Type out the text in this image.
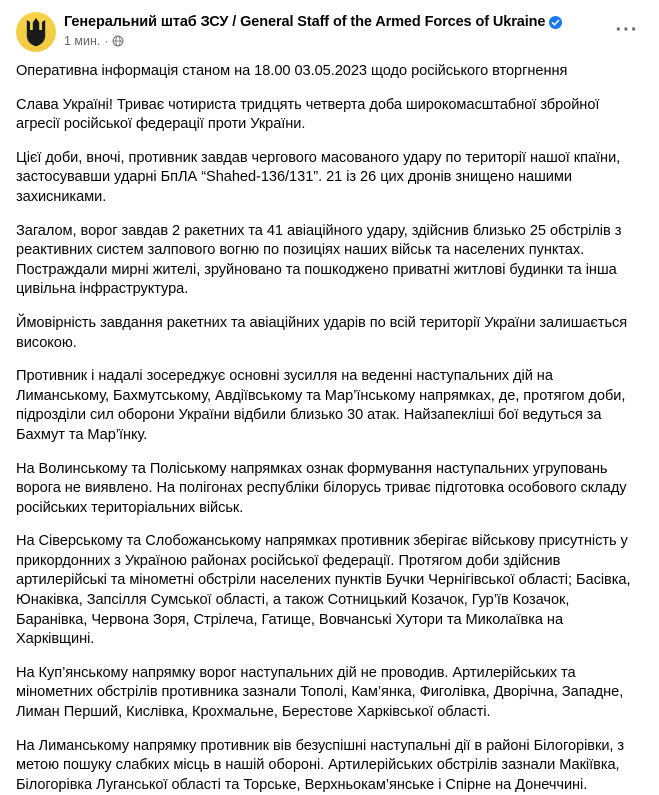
Генеральний штаб ЗСУ / General Staff of the Armed Forces of Ukraine
1 мин. ·	···

Оперативна інформація станом на 18.00 03.05.2023 щодо російського вторгнення

Слава Україні! Триває чотириста тридцять четверта доба широкомасштабної збройної агресії російської федерації проти України.

Цієї доби, вночі, противник завдав чергового масованого удару по території нашої кпаїни, застосувавши ударні БпЛА “Shahed-136/131”. 21 із 26 цих дронів знищено нашими захисниками.

Загалом, ворог завдав 2 ракетних та 41 авіаційного удару, здійснив близько 25 обстрілів з реактивних систем залпового вогню по позиціях наших військ та населених пунктах. Постраждали мирні жителі, зруйновано та пошкоджено приватні житлові будинки та інша цивільна інфраструктура.

Ймовірність завдання ракетних та авіаційних ударів по всій території України залишається високою.

Противник і надалі зосереджує основні зусилля на веденні наступальних дій на Лиманському, Бахмутському, Авдіївському та Мар’їнському напрямках, де, протягом доби, підрозділи сил оборони України відбили близько 30 атак. Найзапекліші бої ведуться за Бахмут та Мар’їнку.

На Волинському та Поліському напрямках ознак формування наступальних угруповань ворога не виявлено. На полігонах республіки білорусь триває підготовка особового складу російських територіальних військ.

На Сіверському та Слобожанському напрямках противник зберігає військову присутність у прикордонних з Україною районах російської федерації. Протягом доби здійснив артилерійські та мінометні обстріли населених пунктів Бучки Чернігівської області; Басівка, Юнаківка, Запсілля Сумської області, а також Сотницький Козачок, Гур’їв Козачок, Баранівка, Червона Зоря, Стрілеча, Гатище, Вовчанські Хутори та Миколаївка на Харківщині.

На Куп’янському напрямку ворог наступальних дій не проводив. Артилерійських та мінометних обстрілів противника зазнали Тополі, Кам’янка, Фиголівка, Дворічна, Западне, Лиман Перший, Кислівка, Крохмальне, Берестове Харківської області.

На Лиманському напрямку противник вів безуспішні наступальні дії в районі Білогорівки, з метою пошуку слабких місць в нашій обороні. Артилерійських обстрілів зазнали Макіївка, Білогорівка Луганської області та Торське, Верхньокам’янське і Спірне на Донеччині.
